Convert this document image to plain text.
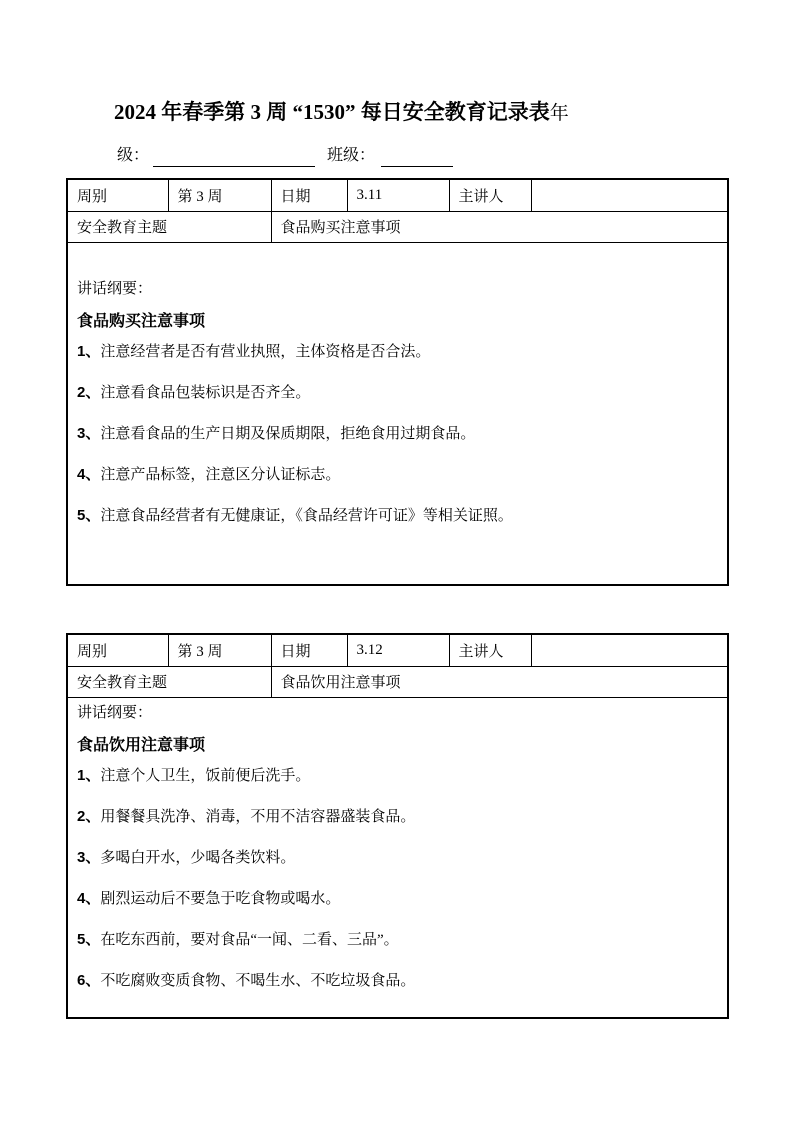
2024 年春季第 3 周 “1530” 每日安全教育记录表年
级：	班级：
周别	第 3 周	日期	3.11	主讲人	
安全教育主题		食品购买注意事项			

讲话纲要：

食品购买注意事项

1、注意经营者是否有营业执照，主体资格是否合法。

2、注意看食品包装标识是否齐全。

3、注意看食品的生产日期及保质期限，拒绝食用过期食品。

4、注意产品标签，注意区分认证标志。

5、注意食品经营者有无健康证，《食品经营许可证》等相关证照。

周别	第 3 周	日期	3.12	主讲人	
安全教育主题		食品饮用注意事项			

讲话纲要：

食品饮用注意事项

1、注意个人卫生，饭前便后洗手。

2、用餐餐具洗净、消毒，不用不洁容器盛装食品。

3、多喝白开水，少喝各类饮料。

4、剧烈运动后不要急于吃食物或喝水。

5、在吃东西前，要对食品“一闻、二看、三品”。

6、不吃腐败变质食物、不喝生水、不吃垃圾食品。
